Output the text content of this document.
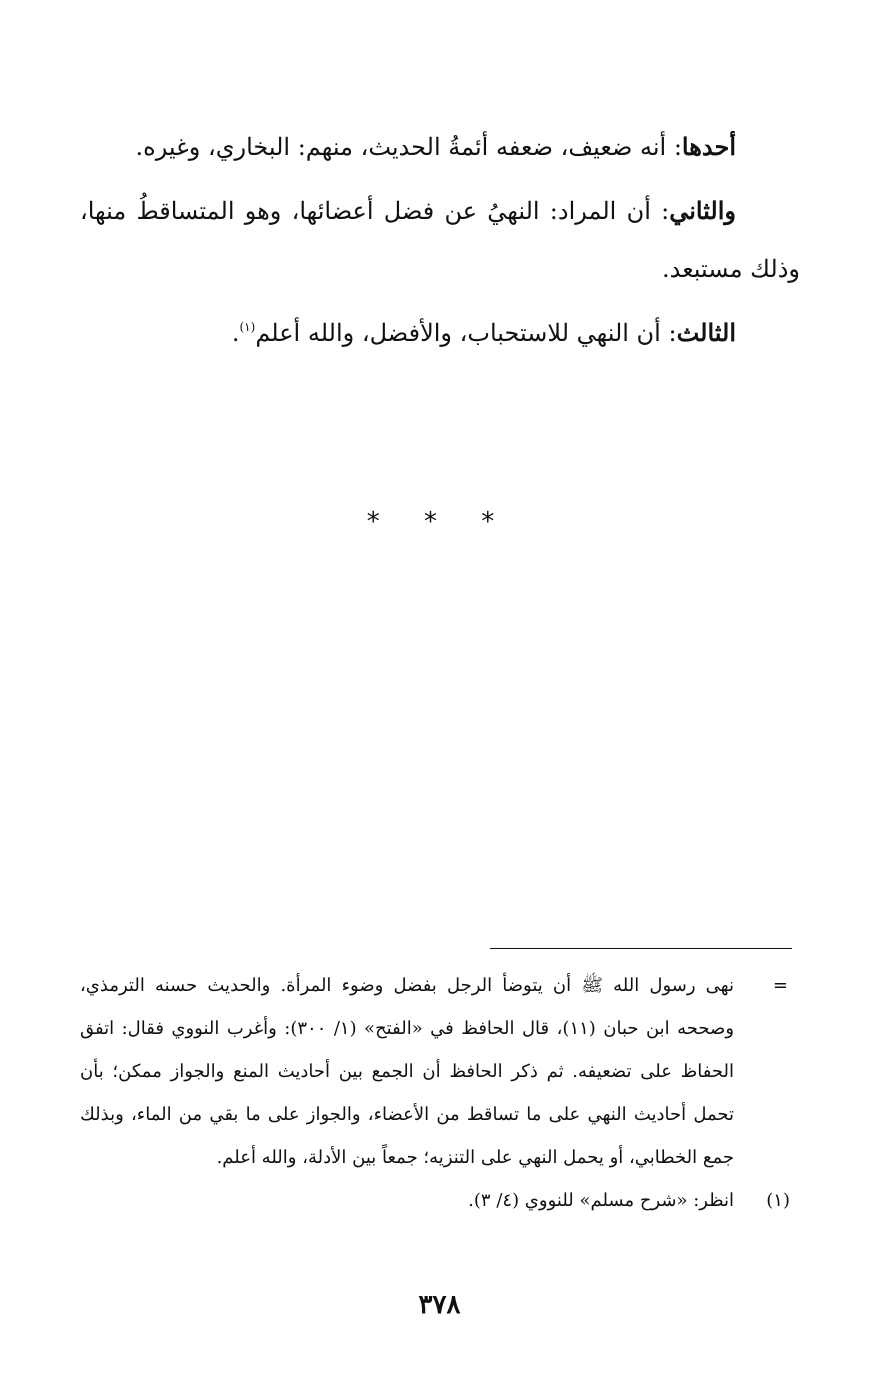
أحدها: أنه ضعيف، ضعفه أئمةُ الحديث، منهم: البخاري، وغيره.

والثاني: أن المراد: النهيُ عن فضل أعضائها، وهو المتساقطُ منها، وذلك مستبعد.

الثالث: أن النهي للاستحباب، والأفضل، والله أعلم$^{(١)}$.

* * *
=
نهى رسول الله ﷺ أن يتوضأ الرجل بفضل وضوء المرأة. والحديث حسنه الترمذي، وصححه ابن حبان (١١)، قال الحافظ في «الفتح» (١/ ٣٠٠): وأغرب النووي فقال: اتفق الحفاظ على تضعيفه. ثم ذكر الحافظ أن الجمع بين أحاديث المنع والجواز ممكن؛ بأن تحمل أحاديث النهي على ما تساقط من الأعضاء، والجواز على ما بقي من الماء، وبذلك جمع الخطابي، أو يحمل النهي على التنزيه؛ جمعاً بين الأدلة، والله أعلم.
(١)
انظر: «شرح مسلم» للنووي (٤/ ٣).
٣٧٨
